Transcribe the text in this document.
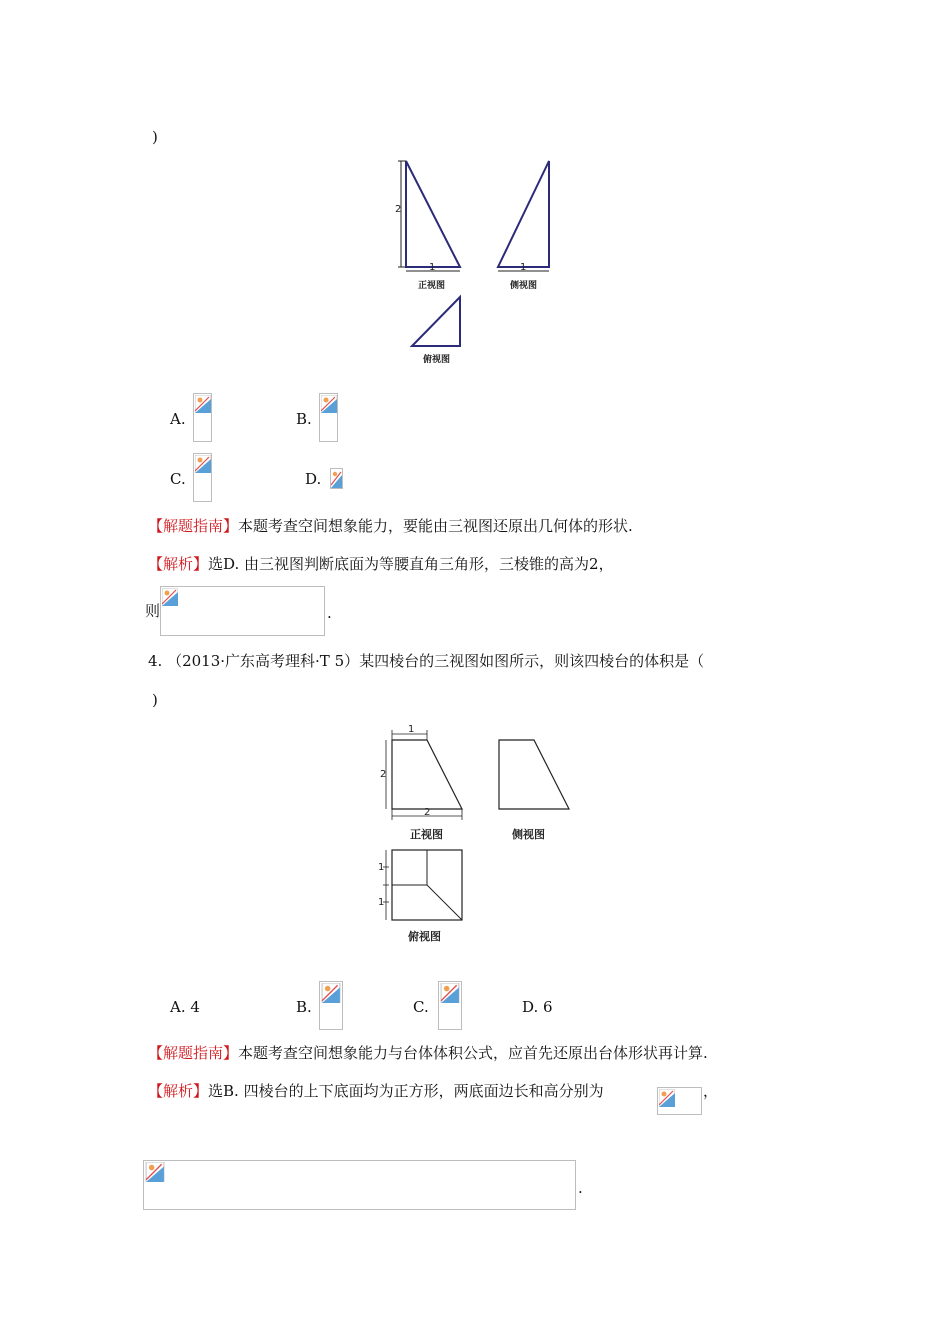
)
2
1	1
正视图	侧视图
俯视图
A.	B.
C.	D.
【解题指南】本题考查空间想象能力，要能由三视图还原出几何体的形状.
【解析】选D. 由三视图判断底面为等腰直角三角形，三棱锥的高为2，
则	.
4. （2013·广东高考理科·T 5）某四棱台的三视图如图所示，则该四棱台的体积是（
)
1
2
2
正视图	侧视图
1
1
俯视图
A. 4	B.	C.	D. 6
【解题指南】本题考查空间想象能力与台体体积公式，应首先还原出台体形状再计算.
【解析】选B. 四棱台的上下底面均为正方形，两底面边长和高分别为	，
.
